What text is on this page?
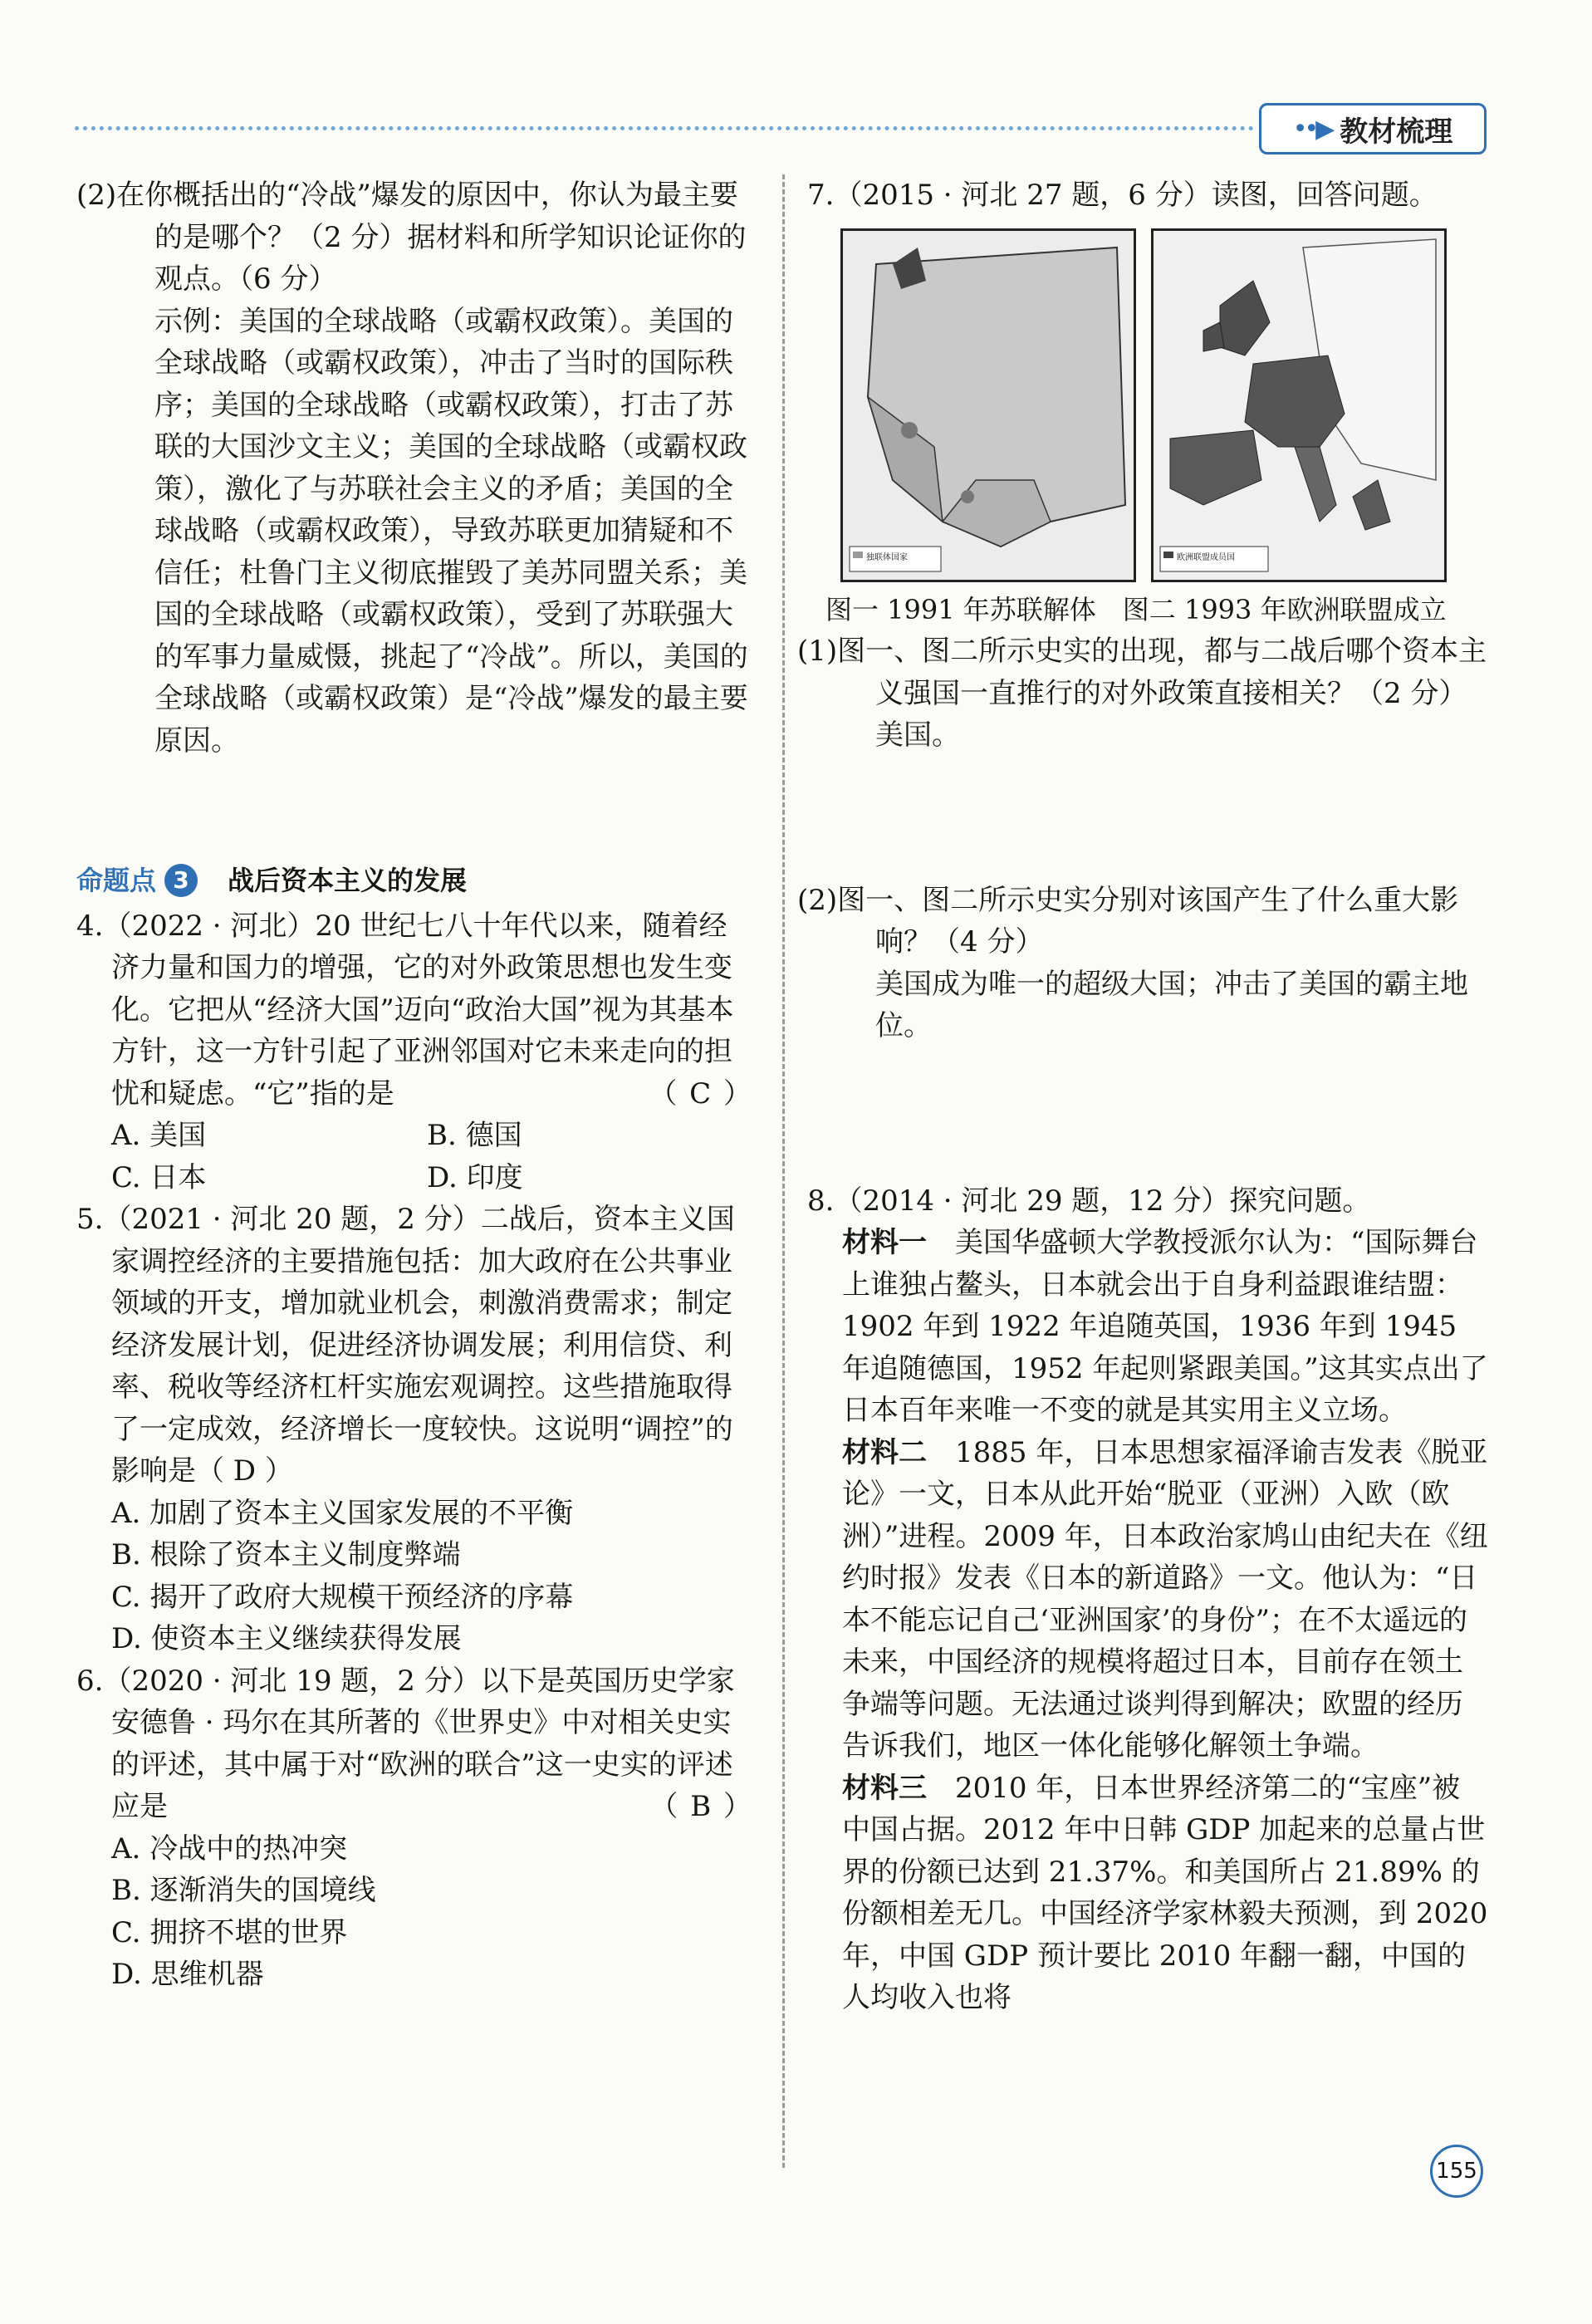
••▶ 教材梳理

(2)在你概括出的“冷战”爆发的原因中，你认为最主要的是哪个？（2 分）据材料和所学知识论证你的观点。（6 分）

示例：美国的全球战略（或霸权政策）。美国的全球战略（或霸权政策），冲击了当时的国际秩序；美国的全球战略（或霸权政策），打击了苏联的大国沙文主义；美国的全球战略（或霸权政策），激化了与苏联社会主义的矛盾；美国的全球战略（或霸权政策），导致苏联更加猜疑和不信任；杜鲁门主义彻底摧毁了美苏同盟关系；美国的全球战略（或霸权政策），受到了苏联强大的军事力量威慑，挑起了“冷战”。所以，美国的全球战略（或霸权政策）是“冷战”爆发的最主要原因。

命题点 3	战后资本主义的发展

4.（2022 · 河北）20 世纪七八十年代以来，随着经济力量和国力的增强，它的对外政策思想也发生变化。它把从“经济大国”迈向“政治大国”视为其基本方针，这一方针引起了亚洲邻国对它未来走向的担忧和疑虑。“它”指的是	（ C ）

A. 美国	B. 德国
C. 日本	D. 印度

5.（2021 · 河北 20 题，2 分）二战后，资本主义国家调控经济的主要措施包括：加大政府在公共事业领域的开支，增加就业机会，刺激消费需求；制定经济发展计划，促进经济协调发展；利用信贷、利率、税收等经济杠杆实施宏观调控。这些措施取得了一定成效，经济增长一度较快。这说明“调控”的影响是（ D ）

A. 加剧了资本主义国家发展的不平衡

B. 根除了资本主义制度弊端

C. 揭开了政府大规模干预经济的序幕

D. 使资本主义继续获得发展

6.（2020 · 河北 19 题，2 分）以下是英国历史学家安德鲁 · 玛尔在其所著的《世界史》中对相关史实的评述，其中属于对“欧洲的联合”这一史实的评述应是	（ B ）

A. 冷战中的热冲突

B. 逐渐消失的国境线

C. 拥挤不堪的世界

D. 思维机器

7.（2015 · 河北 27 题，6 分）读图，回答问题。

独联体国家	欧洲联盟成员国

图一 1991 年苏联解体　图二 1993 年欧洲联盟成立

(1)图一、图二所示史实的出现，都与二战后哪个资本主义强国一直推行的对外政策直接相关？（2 分）

美国。

(2)图一、图二所示史实分别对该国产生了什么重大影响？（4 分）

美国成为唯一的超级大国；冲击了美国的霸主地位。

8.（2014 · 河北 29 题，12 分）探究问题。

材料一　美国华盛顿大学教授派尔认为：“国际舞台上谁独占鳌头，日本就会出于自身利益跟谁结盟：1902 年到 1922 年追随英国，1936 年到 1945 年追随德国，1952 年起则紧跟美国。”这其实点出了日本百年来唯一不变的就是其实用主义立场。

材料二　1885 年，日本思想家福泽谕吉发表《脱亚论》一文，日本从此开始“脱亚（亚洲）入欧（欧洲）”进程。2009 年，日本政治家鸠山由纪夫在《纽约时报》发表《日本的新道路》一文。他认为：“日本不能忘记自己‘亚洲国家’的身份”；在不太遥远的未来，中国经济的规模将超过日本，目前存在领土争端等问题。无法通过谈判得到解决；欧盟的经历告诉我们，地区一体化能够化解领土争端。

材料三　2010 年，日本世界经济第二的“宝座”被中国占据。2012 年中日韩 GDP 加起来的总量占世界的份额已达到 21.37%。和美国所占 21.89% 的份额相差无几。中国经济学家林毅夫预测，到 2020 年，中国 GDP 预计要比 2010 年翻一翻，中国的人均收入也将

155
